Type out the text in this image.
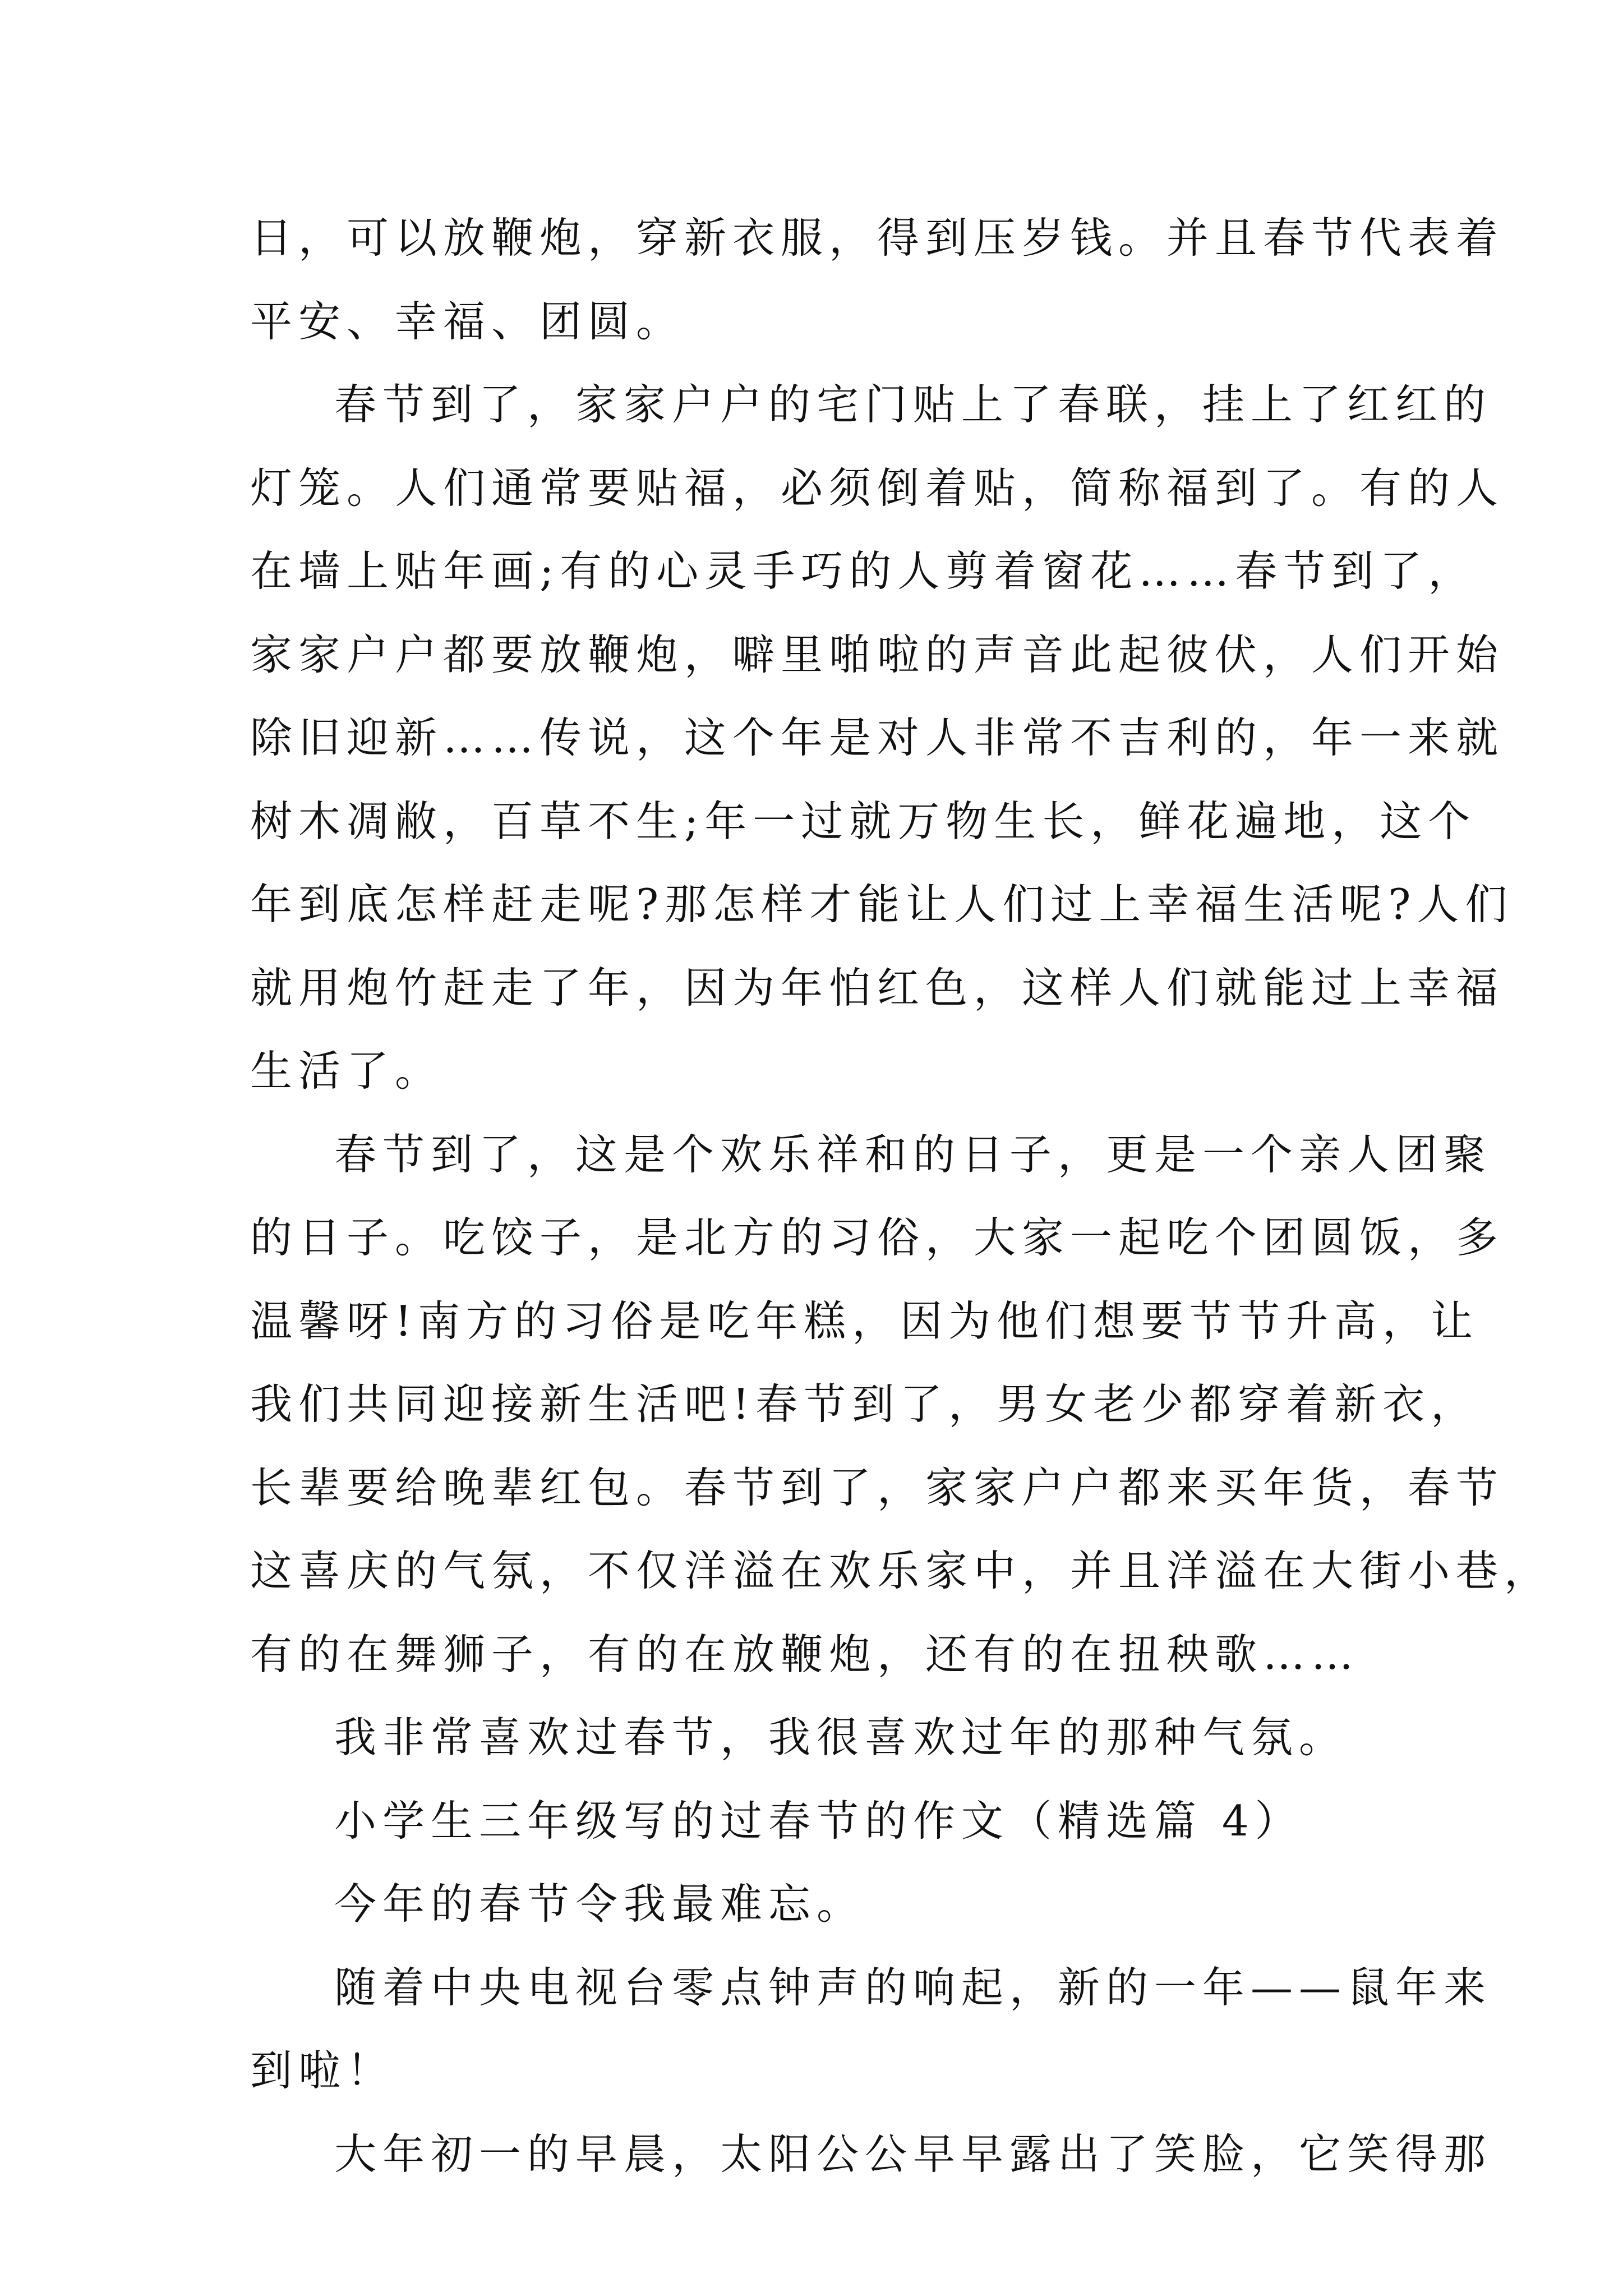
日，可以放鞭炮，穿新衣服，得到压岁钱。并且春节代表着
平安、幸福、团圆。
春节到了，家家户户的宅门贴上了春联，挂上了红红的
灯笼。人们通常要贴福，必须倒着贴，简称福到了。有的人
在墙上贴年画;有的心灵手巧的人剪着窗花……春节到了，
家家户户都要放鞭炮，噼里啪啦的声音此起彼伏，人们开始
除旧迎新……传说，这个年是对人非常不吉利的，年一来就
树木凋敝，百草不生;年一过就万物生长，鲜花遍地，这个
年到底怎样赶走呢?那怎样才能让人们过上幸福生活呢?人们
就用炮竹赶走了年，因为年怕红色，这样人们就能过上幸福
生活了。
春节到了，这是个欢乐祥和的日子，更是一个亲人团聚
的日子。吃饺子，是北方的习俗，大家一起吃个团圆饭，多
温馨呀!南方的习俗是吃年糕，因为他们想要节节升高，让
我们共同迎接新生活吧!春节到了，男女老少都穿着新衣，
长辈要给晚辈红包。春节到了，家家户户都来买年货，春节
这喜庆的气氛，不仅洋溢在欢乐家中，并且洋溢在大街小巷，
有的在舞狮子，有的在放鞭炮，还有的在扭秧歌……
我非常喜欢过春节，我很喜欢过年的那种气氛。
小学生三年级写的过春节的作文（精选篇 4）
今年的春节令我最难忘。
随着中央电视台零点钟声的响起，新的一年——鼠年来
到啦！
大年初一的早晨，太阳公公早早露出了笑脸，它笑得那
